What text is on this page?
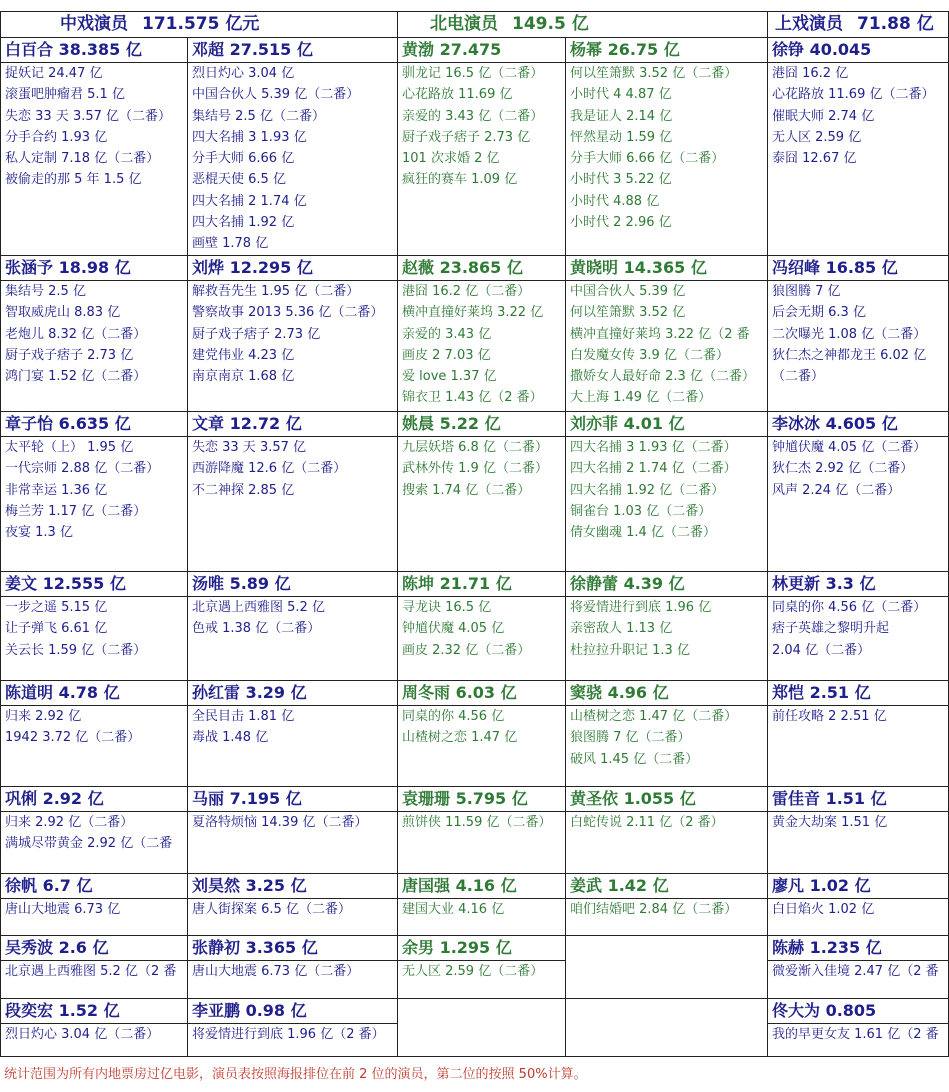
中戏演员 171.575 亿元	北电演员 149.5 亿	上戏演员 71.88 亿
白百合 38.385 亿
捉妖记 24.47 亿
滚蛋吧肿瘤君 5.1 亿
失恋 33 天 3.57 亿（二番）
分手合约 1.93 亿
私人定制 7.18 亿（二番）
被偷走的那 5 年 1.5 亿
邓超 27.515 亿
烈日灼心 3.04 亿
中国合伙人 5.39 亿（二番）
集结号 2.5 亿（二番）
四大名捕 3 1.93 亿
分手大师 6.66 亿
恶棍天使 6.5 亿
四大名捕 2 1.74 亿
四大名捕 1.92 亿
画壁 1.78 亿
黄渤 27.475
驯龙记 16.5 亿（二番）
心花路放 11.69 亿
亲爱的 3.43 亿（二番）
厨子戏子痞子 2.73 亿
101 次求婚 2 亿
疯狂的赛车 1.09 亿
杨幂 26.75 亿
何以笙箫默 3.52 亿（二番）
小时代 4 4.87 亿
我是证人 2.14 亿
怦然星动 1.59 亿
分手大师 6.66 亿（二番）
小时代 3 5.22 亿
小时代 4.88 亿
小时代 2 2.96 亿
徐铮 40.045
港囧 16.2 亿
心花路放 11.69 亿（二番）
催眠大师 2.74 亿
无人区 2.59 亿
泰囧 12.67 亿
张涵予 18.98 亿
集结号 2.5 亿
智取威虎山 8.83 亿
老炮儿 8.32 亿（二番）
厨子戏子痞子 2.73 亿
鸿门宴 1.52 亿（二番）
刘烨 12.295 亿
解救吾先生 1.95 亿（二番）
警察故事 2013 5.36 亿（二番）
厨子戏子痞子 2.73 亿
建党伟业 4.23 亿
南京南京 1.68 亿
赵薇 23.865 亿
港囧 16.2 亿（二番）
横冲直撞好莱坞 3.22 亿
亲爱的 3.43 亿
画皮 2 7.03 亿
爱 love 1.37 亿
锦衣卫 1.43 亿（2 番）
黄晓明 14.365 亿
中国合伙人 5.39 亿
何以笙箫默 3.52 亿
横冲直撞好莱坞 3.22 亿（2 番
白发魔女传 3.9 亿（二番）
撒娇女人最好命 2.3 亿（二番）
大上海 1.49 亿（二番）
冯绍峰 16.85 亿
狼图腾 7 亿
后会无期 6.3 亿
二次曝光 1.08 亿（二番）
狄仁杰之神都龙王 6.02 亿
（二番）
章子怡 6.635 亿
太平轮（上） 1.95 亿
一代宗师 2.88 亿（二番）
非常幸运 1.36 亿
梅兰芳 1.17 亿（二番）
夜宴 1.3 亿
文章 12.72 亿
失恋 33 天 3.57 亿
西游降魔 12.6 亿（二番）
不二神探 2.85 亿
姚晨 5.22 亿
九层妖塔 6.8 亿（二番）
武林外传 1.9 亿（二番）
搜索 1.74 亿（二番）
刘亦菲 4.01 亿
四大名捕 3 1.93 亿（二番）
四大名捕 2 1.74 亿（二番）
四大名捕 1.92 亿（二番）
铜雀台 1.03 亿（二番）
倩女幽魂 1.4 亿（二番）
李冰冰 4.605 亿
钟馗伏魔 4.05 亿（二番）
狄仁杰 2.92 亿（二番）
风声 2.24 亿（二番）
姜文 12.555 亿
一步之遥 5.15 亿
让子弹飞 6.61 亿
关云长 1.59 亿（二番）
汤唯 5.89 亿
北京遇上西雅图 5.2 亿
色戒 1.38 亿（二番）
陈坤 21.71 亿
寻龙诀 16.5 亿
钟馗伏魔 4.05 亿
画皮 2.32 亿（二番）
徐静蕾 4.39 亿
将爱情进行到底 1.96 亿
亲密敌人 1.13 亿
杜拉拉升职记 1.3 亿
林更新 3.3 亿
同桌的你 4.56 亿（二番）
痞子英雄之黎明升起
2.04 亿（二番）
陈道明 4.78 亿
归来 2.92 亿
1942 3.72 亿（二番）
孙红雷 3.29 亿
全民目击 1.81 亿
毒战 1.48 亿
周冬雨 6.03 亿
同桌的你 4.56 亿
山楂树之恋 1.47 亿
窦骁 4.96 亿
山楂树之恋 1.47 亿（二番）
狼图腾 7 亿（二番）
破风 1.45 亿（二番）
郑恺 2.51 亿
前任攻略 2 2.51 亿
巩俐 2.92 亿
归来 2.92 亿（二番）
满城尽带黄金 2.92 亿（二番
马丽 7.195 亿
夏洛特烦恼 14.39 亿（二番）
袁珊珊 5.795 亿
煎饼侠 11.59 亿（二番）
黄圣依 1.055 亿
白蛇传说 2.11 亿（2 番）
雷佳音 1.51 亿
黄金大劫案 1.51 亿
徐帆 6.7 亿
唐山大地震 6.73 亿
刘昊然 3.25 亿
唐人街探案 6.5 亿（二番）
唐国强 4.16 亿
建国大业 4.16 亿
姜武 1.42 亿
咱们结婚吧 2.84 亿（二番）
廖凡 1.02 亿
白日焰火 1.02 亿
吴秀波 2.6 亿
北京遇上西雅图 5.2 亿（2 番
张静初 3.365 亿
唐山大地震 6.73 亿（二番）
余男 1.295 亿
无人区 2.59 亿（二番）
陈赫 1.235 亿
微爱渐入佳境 2.47 亿（2 番
段奕宏 1.52 亿
烈日灼心 3.04 亿（二番）
李亚鹏 0.98 亿
将爱情进行到底 1.96 亿（2 番）
佟大为 0.805
我的早更女友 1.61 亿（2 番
统计范围为所有内地票房过亿电影，演员表按照海报排位在前 2 位的演员，第二位的按照 50%计算。
